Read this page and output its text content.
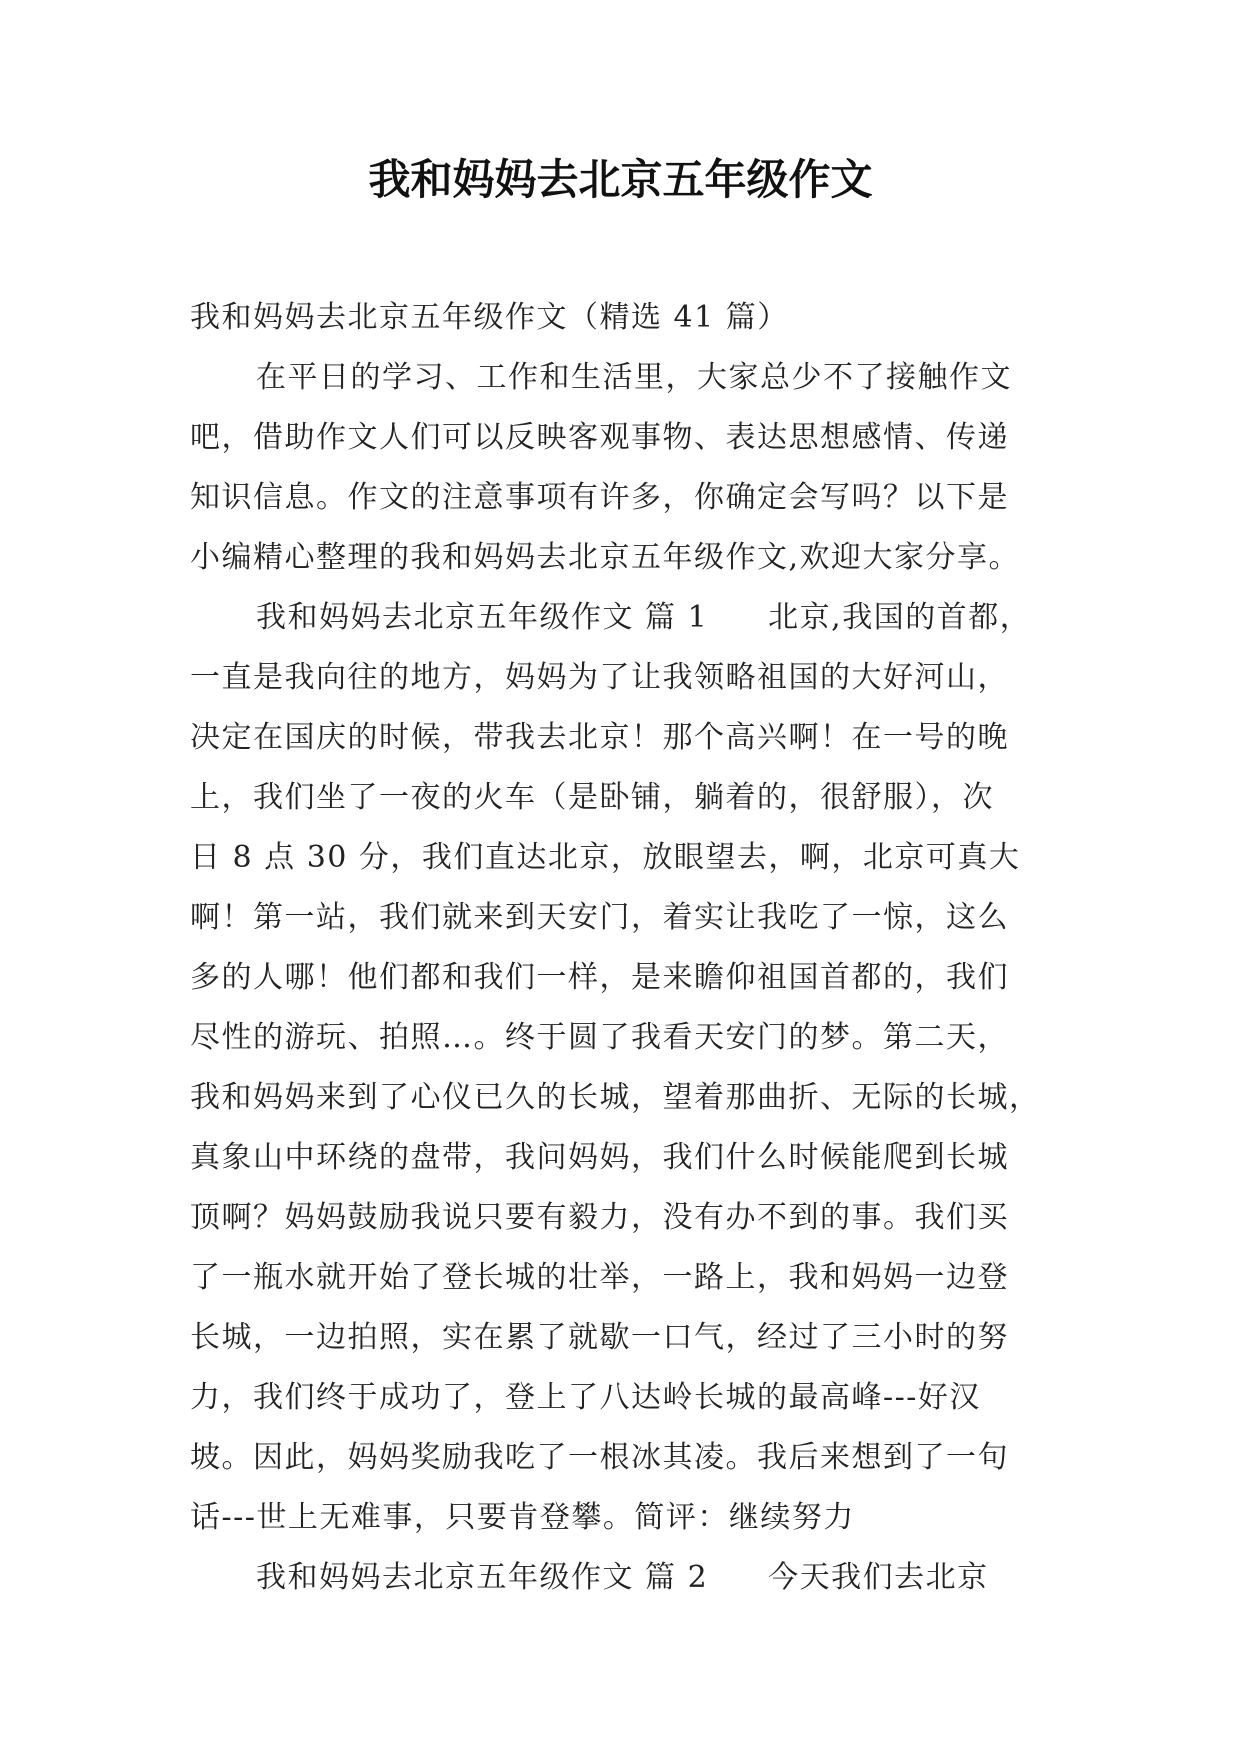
我和妈妈去北京五年级作文
我和妈妈去北京五年级作文（精选 41 篇）
在平日的学习、工作和生活里，大家总少不了接触作文
吧，借助作文人们可以反映客观事物、表达思想感情、传递
知识信息。作文的注意事项有许多，你确定会写吗？以下是
小编精心整理的我和妈妈去北京五年级作文,欢迎大家分享。
我和妈妈去北京五年级作文 篇 1 北京,我国的首都，
一直是我向往的地方，妈妈为了让我领略祖国的大好河山，
决定在国庆的时候，带我去北京！那个高兴啊！在一号的晚
上，我们坐了一夜的火车（是卧铺，躺着的，很舒服），次
日 8 点 30 分，我们直达北京，放眼望去，啊，北京可真大
啊！第一站，我们就来到天安门，着实让我吃了一惊，这么
多的人哪！他们都和我们一样，是来瞻仰祖国首都的，我们
尽性的游玩、拍照…。终于圆了我看天安门的梦。第二天，
我和妈妈来到了心仪已久的长城，望着那曲折、无际的长城，
真象山中环绕的盘带，我问妈妈，我们什么时候能爬到长城
顶啊？妈妈鼓励我说只要有毅力，没有办不到的事。我们买
了一瓶水就开始了登长城的壮举，一路上，我和妈妈一边登
长城，一边拍照，实在累了就歇一口气，经过了三小时的努
力，我们终于成功了，登上了八达岭长城的最高峰---好汉
坡。因此，妈妈奖励我吃了一根冰其凌。我后来想到了一句
话---世上无难事，只要肯登攀。简评：继续努力
我和妈妈去北京五年级作文 篇 2 今天我们去北京
